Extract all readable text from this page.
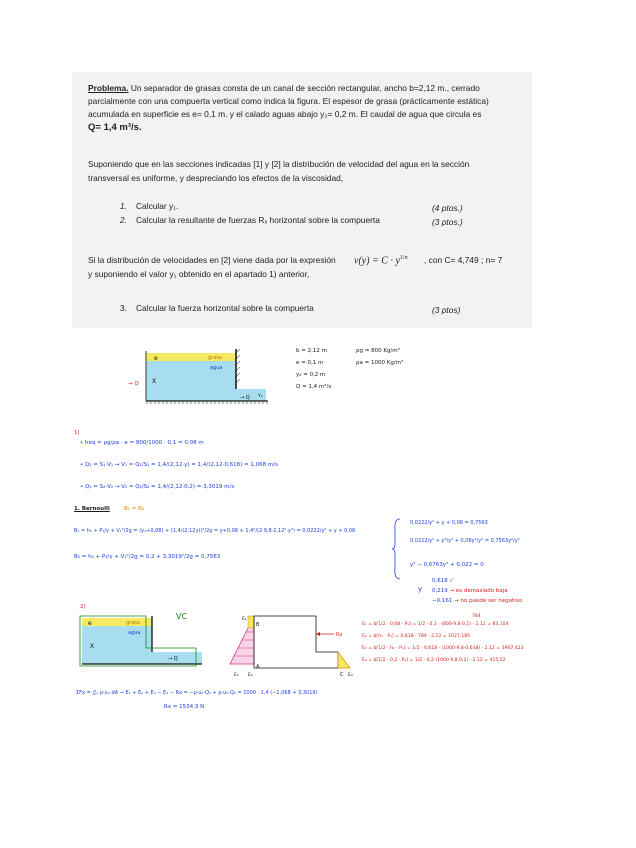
Problema. Un separador de grasas consta de un canal de sección rectangular, ancho b=2,12 m., cerrado
parcialmente con una compuerta vertical como indica la figura. El espesor de grasa (prácticamente estática)
acumulada en superficie es e= 0,1 m. y el calado aguas abajo y₂= 0,2 m. El caudal de agua que circula es
Q= 1,4 m³/s.
Suponiendo que en las secciones indicadas [1] y [2] la distribución de velocidad del agua en la sección
transversal es uniforme, y despreciando los efectos de la viscosidad,
1. Calcular y₁.	(4 ptos.)
2. Calcular la resultante de fuerzas Rₓ horizontal sobre la compuerta	(3 ptos.)
Si la distribución de velocidades en [2] viene dada por la expresión $v(y) = C \cdot y^{1/n}$ , con C= 4,749 ; n= 7
y suponiendo el valor y₁ obtenido en el apartado 1) anterior,
3. Calcular la fuerza horizontal sobre la compuerta	(3 ptos)
e	grasa
agua
X
→ Q
→ Q Y₂
b = 2,12 m
e = 0,1 m
y₂ = 0,2 m
Q = 1,4 m³/s
ρg = 800 Kg/m³
ρa = 1000 Kg/m³
1)
• heq = ρg/ρa · e = 800/1000 · 0,1 = 0,08 m
• Q₁ = S₁·V₁ → V₁ = Q₁/S₁ = 1,4/(2,12·y) = 1,4/(2,12·0,618) = 1,068 m/s
• Q₂ = S₂·V₂ → V₂ = Q₂/S₂ = 1,4/(2,12·0,2) = 3,3019 m/s
1. Bernoulli	B₁ = B₂
B₁ = h₁ + P₁/γ + V₁²/2g = (y₁+0,08) + (1,4/(2,12y))²/2g = y+0,08 + 1,4²/(2·9,8·2,12²·y²) = 0,0222/y² + y + 0,08
B₂ = h₂ + P₂/γ + V₂²/2g = 0,2 + 3,3019²/2g = 0,7563
0,0222/y² + y + 0,08 = 0,7563
0,0222/y² + y³/y² + 0,08y²/y² = 0,7563y²/y²
y³ − 0,6763y² + 0,022 = 0
y
0,618 ✓
0,219 → es demasiado baja
−0,161 → no puede ser negativo
2)
VC
e	grasa
agua
X
→ Q
Rx
A
B
C
E₁
E₂
E₃	E₄
784
E₁ = b[1/2 · 0,08 · Pₐ] = 1/2 · 0,1 · (800·9,8·0,1) · 2,12 = 83,104
E₂ = b[h₁ · Pₐ] = 0,618 · 784 · 2,12 = 1027,185
E₃ = b[1/2 · h₁ · Pₐ] = 1/2 · 0,618 · (1000·9,8·0,618) · 2,12 = 3967,423
E₄ = b[1/2 · 0,2 · Pₐ] = 1/2 · 0,2 (1000·9,8·0,2) · 2,12 = 415,52
ΣFx = ∬ₛ ρ·uₓ·dA → E₁ + E₂ + E₃ − E₄ − Rx = −ρ·u₁·Q₁ + ρ·u₂·Q₂ = 1000 · 1,4 (−1,068 + 3,3019)
Rx = 1534,3 N
